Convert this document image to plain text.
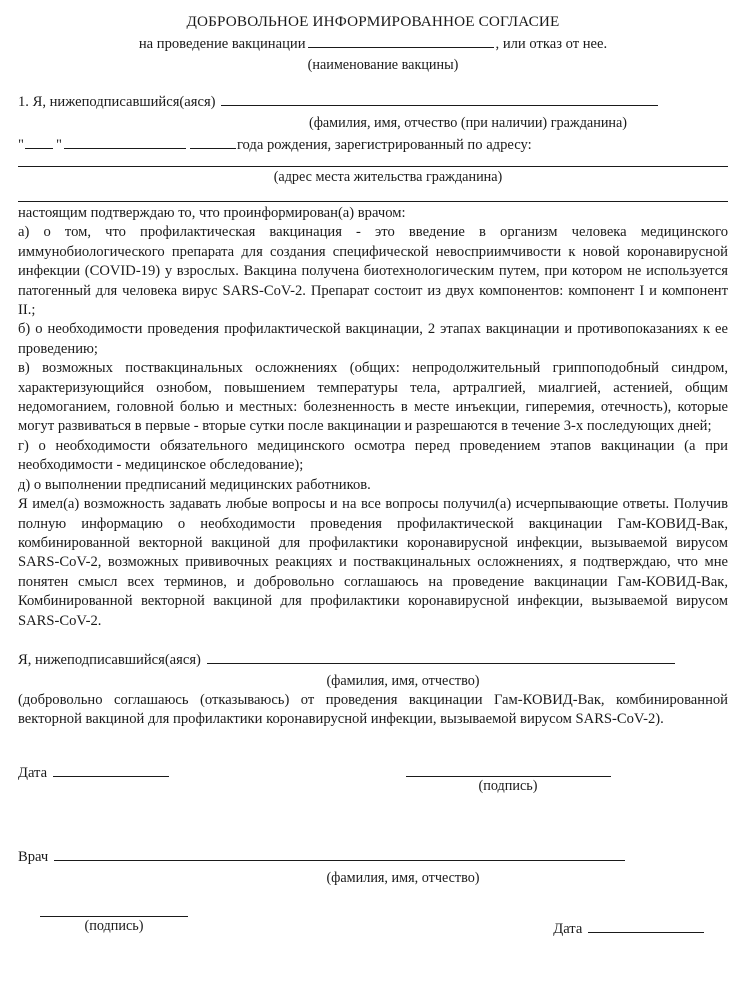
ДОБРОВОЛЬНОЕ ИНФОРМИРОВАННОЕ СОГЛАСИЕ
на проведение вакцинации	, или отказ от нее.
(наименование вакцины)
1. Я, нижеподписавшийся(аяся)
(фамилия, имя, отчество (при наличии) гражданина)
" "	года рождения, зарегистрированный по адресу:
(адрес места жительства гражданина)

настоящим подтверждаю то, что проинформирован(а) врачом:

а) о том, что профилактическая вакцинация - это введение в организм человека медицинского иммунобиологического препарата для создания специфической невосприимчивости к новой коронавирусной инфекции (COVID-19) у взрослых. Вакцина получена биотехнологическим путем, при котором не используется патогенный для человека вирус SARS-CoV-2. Препарат состоит из двух компонентов: компонент I и компонент II.;

б) о необходимости проведения профилактической вакцинации, 2 этапах вакцинации и противопоказаниях к ее проведению;

в) возможных поствакцинальных осложнениях (общих: непродолжительный гриппоподобный синдром, характеризующийся ознобом, повышением температуры тела, артралгией, миалгией, астенией, общим недомоганием, головной болью и местных: болезненность в месте инъекции, гиперемия, отечность), которые могут развиваться в первые - вторые сутки после вакцинации и разрешаются в течение 3-х последующих дней;

г) о необходимости обязательного медицинского осмотра перед проведением этапов вакцинации (а при необходимости - медицинское обследование);

д) о выполнении предписаний медицинских работников.

Я имел(а) возможность задавать любые вопросы и на все вопросы получил(а) исчерпывающие ответы. Получив полную информацию о необходимости проведения профилактической вакцинации Гам-КОВИД-Вак, комбинированной векторной вакциной для профилактики коронавирусной инфекции, вызываемой вирусом SARS-CoV-2, возможных прививочных реакциях и поствакцинальных осложнениях, я подтверждаю, что мне понятен смысл всех терминов, и добровольно соглашаюсь на проведение вакцинации Гам-КОВИД-Вак, Комбинированной векторной вакциной для профилактики коронавирусной инфекции, вызываемой вирусом SARS-CoV-2.

Я, нижеподписавшийся(аяся)
(фамилия, имя, отчество)

(добровольно соглашаюсь (отказываюсь) от проведения вакцинации Гам-КОВИД-Вак, комбинированной векторной вакциной для профилактики коронавирусной инфекции, вызываемой вирусом SARS-CoV-2).

Дата
(подпись)
Врач
(фамилия, имя, отчество)
(подпись)	Дата
